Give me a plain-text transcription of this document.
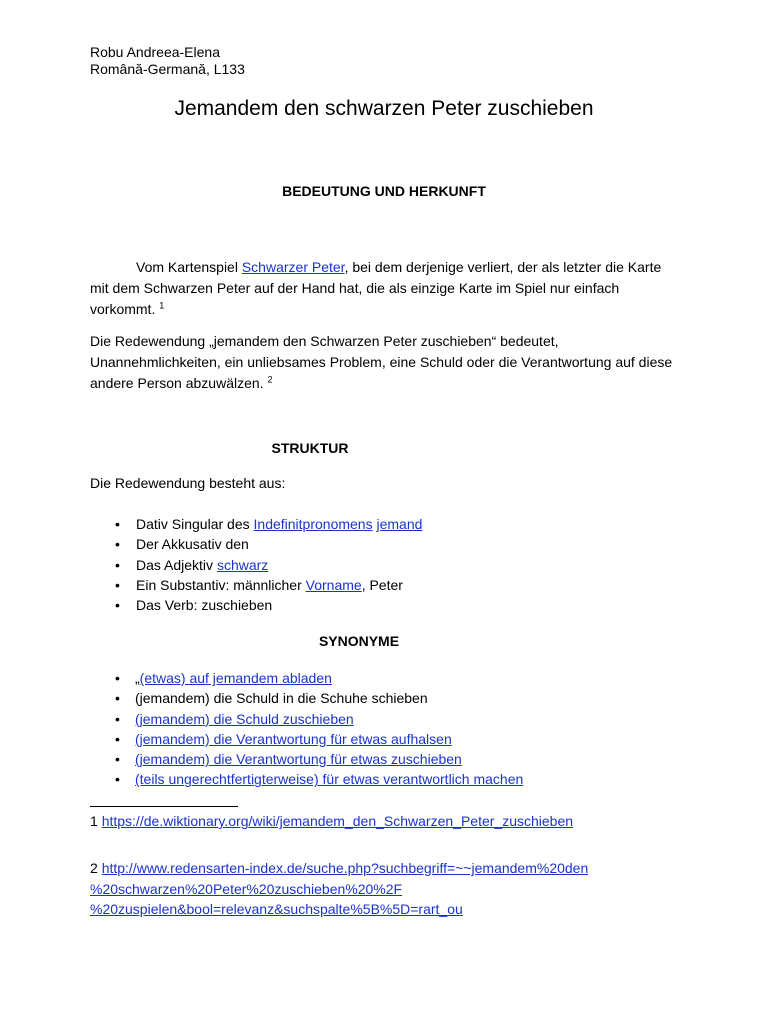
Robu Andreea-Elena
Română-Germană, L133
Jemandem den schwarzen Peter zuschieben
BEDEUTUNG UND HERKUNFT

Vom Kartenspiel Schwarzer Peter, bei dem derjenige verliert, der als letzter die Karte mit dem Schwarzen Peter auf der Hand hat, die als einzige Karte im Spiel nur einfach vorkommt. $^1$

Die Redewendung „jemandem den Schwarzen Peter zuschieben“ bedeutet, Unannehmlichkeiten, ein unliebsames Problem, eine Schuld oder die Verantwortung auf diese andere Person abzuwälzen. $^2$

STRUKTUR

Die Redewendung besteht aus:

• Dativ Singular des Indefinitpronomens jemand
• Der Akkusativ den
• Das Adjektiv schwarz
• Ein Substantiv: männlicher Vorname, Peter
• Das Verb: zuschieben
SYNONYME
• „(etwas) auf jemandem abladen
• (jemandem) die Schuld in die Schuhe schieben
• (jemandem) die Schuld zuschieben
• (jemandem) die Verantwortung für etwas aufhalsen
• (jemandem) die Verantwortung für etwas zuschieben
• (teils ungerechtfertigterweise) für etwas verantwortlich machen

1 https://de.wiktionary.org/wiki/jemandem_den_Schwarzen_Peter_zuschieben

2 http://www.redensarten-index.de/suche.php?suchbegriff=~~jemandem%20den
%20schwarzen%20Peter%20zuschieben%20%2F
%20zuspielen&bool=relevanz&suchspalte%5B%5D=rart_ou
